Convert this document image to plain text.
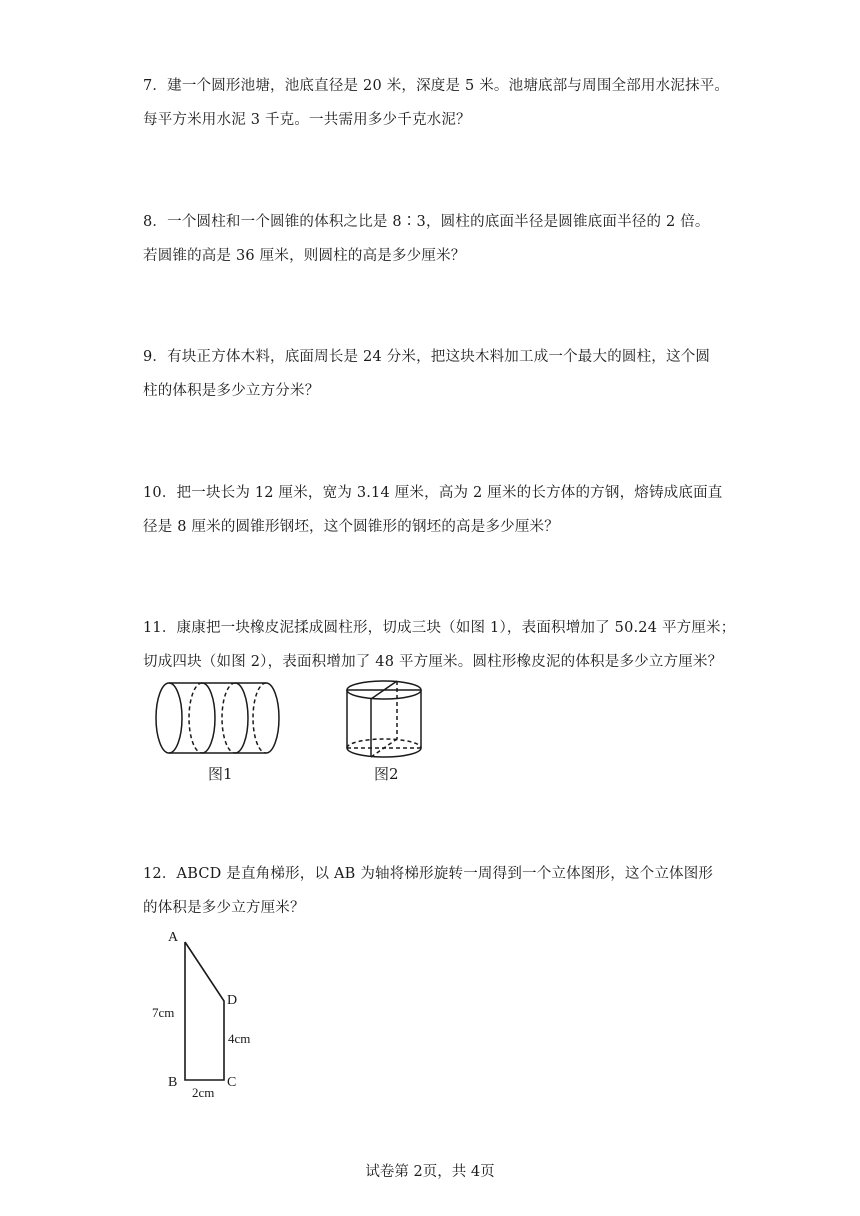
7．建一个圆形池塘，池底直径是 20 米，深度是 5 米。池塘底部与周围全部用水泥抹平。
每平方米用水泥 3 千克。一共需用多少千克水泥？
8．一个圆柱和一个圆锥的体积之比是 8∶3，圆柱的底面半径是圆锥底面半径的 2 倍。
若圆锥的高是 36 厘米，则圆柱的高是多少厘米？
9．有块正方体木料，底面周长是 24 分米，把这块木料加工成一个最大的圆柱，这个圆
柱的体积是多少立方分米？
10．把一块长为 12 厘米，宽为 3.14 厘米，高为 2 厘米的长方体的方钢，熔铸成底面直
径是 8 厘米的圆锥形钢坯，这个圆锥形的钢坯的高是多少厘米？
11．康康把一块橡皮泥揉成圆柱形，切成三块（如图 1），表面积增加了 50.24 平方厘米；
切成四块（如图 2），表面积增加了 48 平方厘米。圆柱形橡皮泥的体积是多少立方厘米？
图1	图2
12．ABCD 是直角梯形，以 AB 为轴将梯形旋转一周得到一个立体图形，这个立体图形
的体积是多少立方厘米？
A
B	C
D
7cm
4cm
2cm
试卷第 2页，共 4页
